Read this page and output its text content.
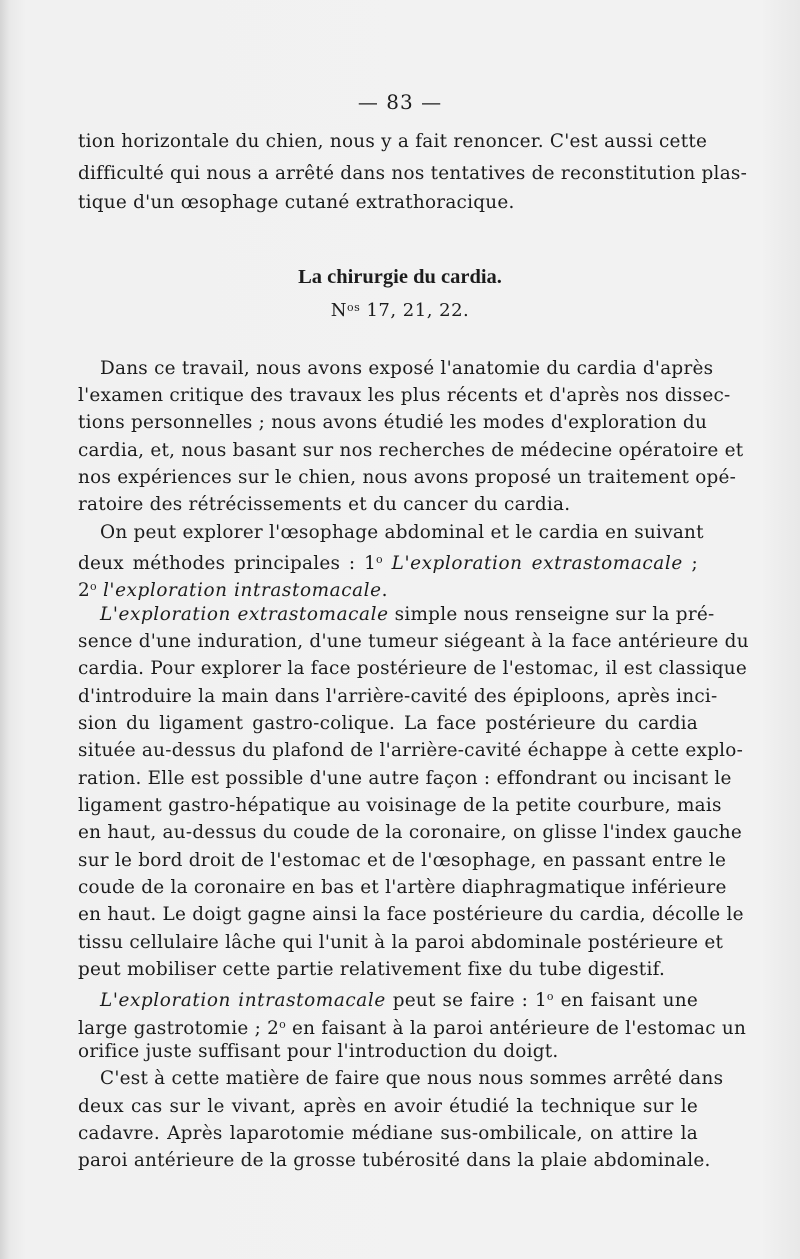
— 83 —
tion horizontale du chien, nous y a fait renoncer. C'est aussi cette
difficulté qui nous a arrêté dans nos tentatives de reconstitution plas-
tique d'un œsophage cutané extrathoracique.
La chirurgie du cardia.
$N^{os}$ 17, 21, 22.
Dans ce travail, nous avons exposé l'anatomie du cardia d'après
l'examen critique des travaux les plus récents et d'après nos dissec-
tions personnelles ; nous avons étudié les modes d'exploration du
cardia, et, nous basant sur nos recherches de médecine opératoire et
nos expériences sur le chien, nous avons proposé un traitement opé-
ratoire des rétrécissements et du cancer du cardia.
On peut explorer l'œsophage abdominal et le cardia en suivant
deux méthodes principales : 1$^o$ L'exploration extrastomacale ;
2$^o$ l'exploration intrastomacale.
L'exploration extrastomacale simple nous renseigne sur la pré-
sence d'une induration, d'une tumeur siégeant à la face antérieure du
cardia. Pour explorer la face postérieure de l'estomac, il est classique
d'introduire la main dans l'arrière-cavité des épiploons, après inci-
sion du ligament gastro-colique. La face postérieure du cardia
située au-dessus du plafond de l'arrière-cavité échappe à cette explo-
ration. Elle est possible d'une autre façon : effondrant ou incisant le
ligament gastro-hépatique au voisinage de la petite courbure, mais
en haut, au-dessus du coude de la coronaire, on glisse l'index gauche
sur le bord droit de l'estomac et de l'œsophage, en passant entre le
coude de la coronaire en bas et l'artère diaphragmatique inférieure
en haut. Le doigt gagne ainsi la face postérieure du cardia, décolle le
tissu cellulaire lâche qui l'unit à la paroi abdominale postérieure et
peut mobiliser cette partie relativement fixe du tube digestif.
L'exploration intrastomacale peut se faire : 1$^o$ en faisant une
large gastrotomie ; 2$^o$ en faisant à la paroi antérieure de l'estomac un
orifice juste suffisant pour l'introduction du doigt.
C'est à cette matière de faire que nous nous sommes arrêté dans
deux cas sur le vivant, après en avoir étudié la technique sur le
cadavre. Après laparotomie médiane sus-ombilicale, on attire la
paroi antérieure de la grosse tubérosité dans la plaie abdominale.
